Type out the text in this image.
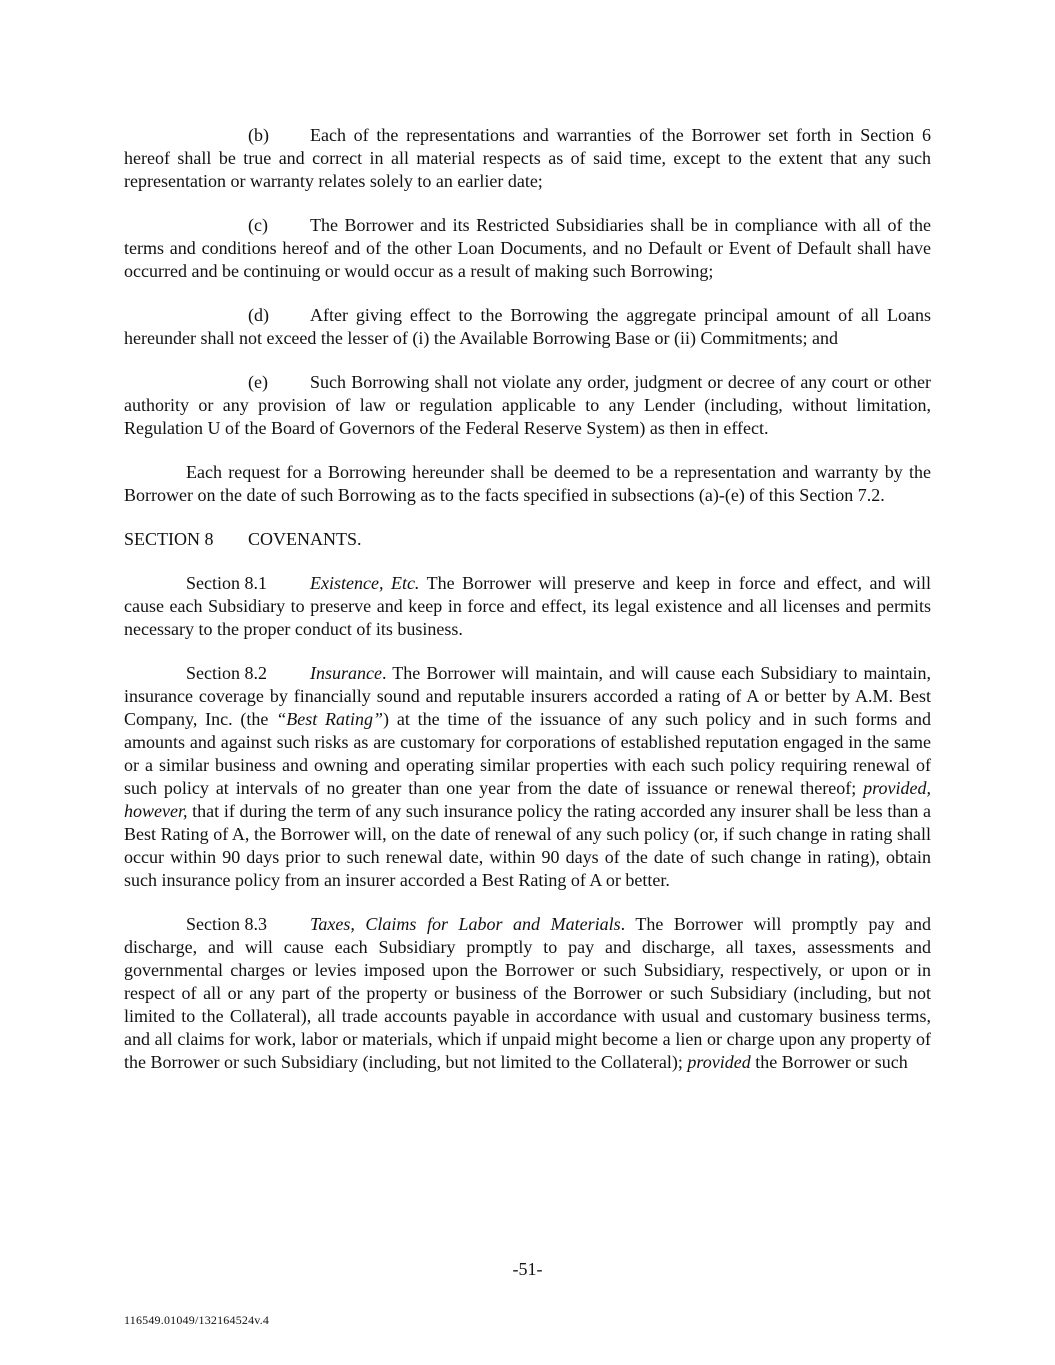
(b) Each of the representations and warranties of the Borrower set forth in Section 6 hereof shall be true and correct in all material respects as of said time, except to the extent that any such representation or warranty relates solely to an earlier date;

(c) The Borrower and its Restricted Subsidiaries shall be in compliance with all of the terms and conditions hereof and of the other Loan Documents, and no Default or Event of Default shall have occurred and be continuing or would occur as a result of making such Borrowing;

(d) After giving effect to the Borrowing the aggregate principal amount of all Loans hereunder shall not exceed the lesser of (i) the Available Borrowing Base or (ii) Commitments; and

(e) Such Borrowing shall not violate any order, judgment or decree of any court or other authority or any provision of law or regulation applicable to any Lender (including, without limitation, Regulation U of the Board of Governors of the Federal Reserve System) as then in effect.

Each request for a Borrowing hereunder shall be deemed to be a representation and warranty by the Borrower on the date of such Borrowing as to the facts specified in subsections (a)-(e) of this Section 7.2.

SECTION 8 COVENANTS.

Section 8.1 Existence, Etc. The Borrower will preserve and keep in force and effect, and will cause each Subsidiary to preserve and keep in force and effect, its legal existence and all licenses and permits necessary to the proper conduct of its business.

Section 8.2 Insurance. The Borrower will maintain, and will cause each Subsidiary to maintain, insurance coverage by financially sound and reputable insurers accorded a rating of A or better by A.M. Best Company, Inc. (the “Best Rating”) at the time of the issuance of any such policy and in such forms and amounts and against such risks as are customary for corporations of established reputation engaged in the same or a similar business and owning and operating similar properties with each such policy requiring renewal of such policy at intervals of no greater than one year from the date of issuance or renewal thereof; provided, however, that if during the term of any such insurance policy the rating accorded any insurer shall be less than a Best Rating of A, the Borrower will, on the date of renewal of any such policy (or, if such change in rating shall occur within 90 days prior to such renewal date, within 90 days of the date of such change in rating), obtain such insurance policy from an insurer accorded a Best Rating of A or better.

Section 8.3 Taxes, Claims for Labor and Materials. The Borrower will promptly pay and discharge, and will cause each Subsidiary promptly to pay and discharge, all taxes, assessments and governmental charges or levies imposed upon the Borrower or such Subsidiary, respectively, or upon or in respect of all or any part of the property or business of the Borrower or such Subsidiary (including, but not limited to the Collateral), all trade accounts payable in accordance with usual and customary business terms, and all claims for work, labor or materials, which if unpaid might become a lien or charge upon any property of the Borrower or such Subsidiary (including, but not limited to the Collateral); provided the Borrower or such

-51-
116549.01049/132164524v.4
